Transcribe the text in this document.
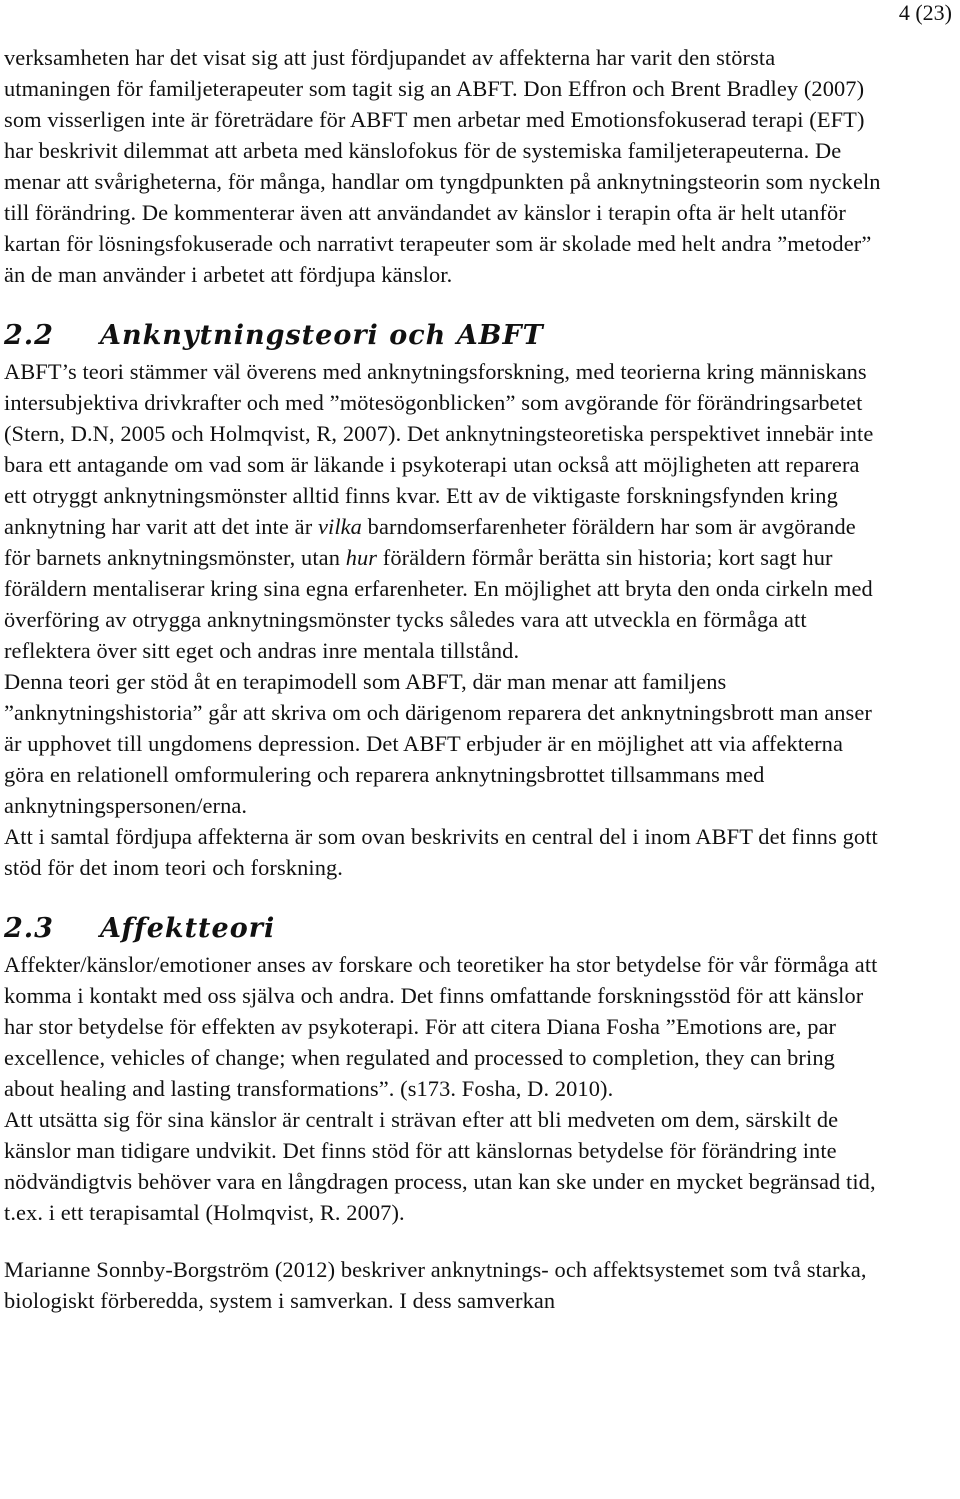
4 (23)

verksamheten har det visat sig att just fördjupandet av affekterna har varit den största utmaningen för familjeterapeuter som tagit sig an ABFT. Don Effron och Brent Bradley (2007) som visserligen inte är företrädare för ABFT men arbetar med Emotionsfokuserad terapi (EFT) har beskrivit dilemmat att arbeta med känslofokus för de systemiska familjeterapeuterna. De menar att svårigheterna, för många, handlar om tyngdpunkten på anknytningsteorin som nyckeln till förändring. De kommenterar även att användandet av känslor i terapin ofta är helt utanför kartan för lösningsfokuserade och narrativt terapeuter som är skolade med helt andra ”metoder” än de man använder i arbetet att fördjupa känslor.

2.2 Anknytningsteori och ABFT

ABFT’s teori stämmer väl överens med anknytningsforskning, med teorierna kring människans intersubjektiva drivkrafter och med ”mötesögonblicken” som avgörande för förändringsarbetet (Stern, D.N, 2005 och Holmqvist, R, 2007). Det anknytningsteoretiska perspektivet innebär inte bara ett antagande om vad som är läkande i psykoterapi utan också att möjligheten att reparera ett otryggt anknytningsmönster alltid finns kvar. Ett av de viktigaste forskningsfynden kring anknytning har varit att det inte är vilka barndomserfarenheter föräldern har som är avgörande för barnets anknytningsmönster, utan hur föräldern förmår berätta sin historia; kort sagt hur föräldern mentaliserar kring sina egna erfarenheter. En möjlighet att bryta den onda cirkeln med överföring av otrygga anknytningsmönster tycks således vara att utveckla en förmåga att reflektera över sitt eget och andras inre mentala tillstånd.

Denna teori ger stöd åt en terapimodell som ABFT, där man menar att familjens ”anknytningshistoria” går att skriva om och därigenom reparera det anknytningsbrott man anser är upphovet till ungdomens depression. Det ABFT erbjuder är en möjlighet att via affekterna göra en relationell omformulering och reparera anknytningsbrottet tillsammans med anknytningspersonen/erna.

Att i samtal fördjupa affekterna är som ovan beskrivits en central del i inom ABFT det finns gott stöd för det inom teori och forskning.

2.3 Affektteori

Affekter/känslor/emotioner anses av forskare och teoretiker ha stor betydelse för vår förmåga att komma i kontakt med oss själva och andra. Det finns omfattande forskningsstöd för att känslor har stor betydelse för effekten av psykoterapi. För att citera Diana Fosha ”Emotions are, par excellence, vehicles of change; when regulated and processed to completion, they can bring about healing and lasting transformations”. (s173. Fosha, D. 2010).

Att utsätta sig för sina känslor är centralt i strävan efter att bli medveten om dem, särskilt de känslor man tidigare undvikit. Det finns stöd för att känslornas betydelse för förändring inte nödvändigtvis behöver vara en långdragen process, utan kan ske under en mycket begränsad tid, t.ex. i ett terapisamtal (Holmqvist, R. 2007).

Marianne Sonnby-Borgström (2012) beskriver anknytnings- och affektsystemet som två starka, biologiskt förberedda, system i samverkan. I dess samverkan
